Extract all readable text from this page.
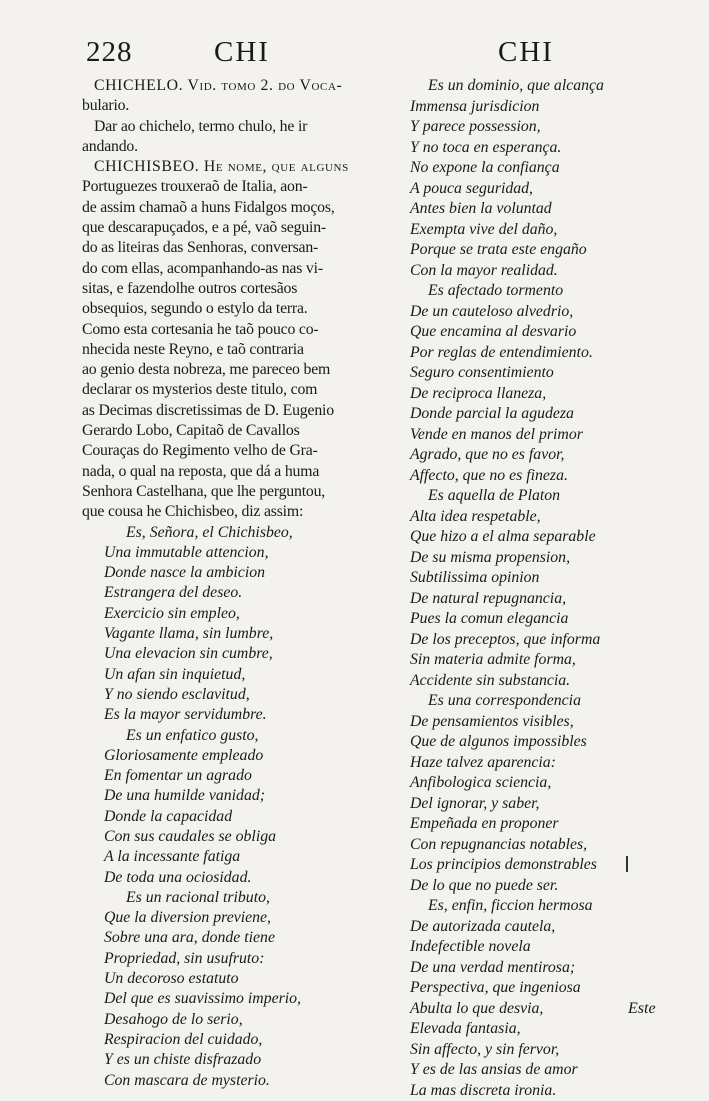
228	CHI	CHI
CHICHELO. Vid. tomo 2. do Voca-
bulario.
Dar ao chichelo, termo chulo, he ir
andando.
CHICHISBEO. He nome, que alguns
Portuguezes trouxeraõ de Italia, aon-
de assim chamaõ a huns Fidalgos moços,
que descarapuçados, e a pé, vaõ seguin-
do as liteiras das Senhoras, conversan-
do com ellas, acompanhando-as nas vi-
sitas, e fazendolhe outros cortesãos
obsequios, segundo o estylo da terra.
Como esta cortesania he taõ pouco co-
nhecida neste Reyno, e taõ contraria
ao genio desta nobreza, me pareceo bem
declarar os mysterios deste titulo, com
as Decimas discretissimas de D. Eugenio
Gerardo Lobo, Capitaõ de Cavallos
Couraças do Regimento velho de Gra-
nada, o qual na reposta, que dá a huma
Senhora Castelhana, que lhe perguntou,
que cousa he Chichisbeo, diz assim:
Es, Señora, el Chichisbeo,
Una immutable attencion,
Donde nasce la ambicion
Estrangera del deseo.
Exercicio sin empleo,
Vagante llama, sin lumbre,
Una elevacion sin cumbre,
Un afan sin inquietud,
Y no siendo esclavitud,
Es la mayor servidumbre.
Es un enfatico gusto,
Gloriosamente empleado
En fomentar un agrado
De una humilde vanidad;
Donde la capacidad
Con sus caudales se obliga
A la incessante fatiga
De toda una ociosidad.
Es un racional tributo,
Que la diversion previene,
Sobre una ara, donde tiene
Propriedad, sin usufruto:
Un decoroso estatuto
Del que es suavissimo imperio,
Desahogo de lo serio,
Respiracion del cuidado,
Y es un chiste disfrazado
Con mascara de mysterio.
Es un dominio, que alcança
Immensa jurisdicion
Y parece possession,
Y no toca en esperança.
No expone la confiança
A pouca seguridad,
Antes bien la voluntad
Exempta vive del daño,
Porque se trata este engaño
Con la mayor realidad.
Es afectado tormento
De un cauteloso alvedrio,
Que encamina al desvario
Por reglas de entendimiento.
Seguro consentimiento
De reciproca llaneza,
Donde parcial la agudeza
Vende en manos del primor
Agrado, que no es favor,
Affecto, que no es fineza.
Es aquella de Platon
Alta idea respetable,
Que hizo a el alma separable
De su misma propension,
Subtilissima opinion
De natural repugnancia,
Pues la comun elegancia
De los preceptos, que informa
Sin materia admite forma,
Accidente sin substancia.
Es una correspondencia
De pensamientos visibles,
Que de algunos impossibles
Haze talvez aparencia:
Anfibologica sciencia,
Del ignorar, y saber,
Empeñada en proponer
Con repugnancias notables,
Los principios demonstrables
De lo que no puede ser.
Es, enfin, ficcion hermosa
De autorizada cautela,
Indefectible novela
De una verdad mentirosa;
Perspectiva, que ingeniosa
Abulta lo que desvia,
Elevada fantasia,
Sin affecto, y sin fervor,
Y es de las ansias de amor
La mas discreta ironia.
Este
